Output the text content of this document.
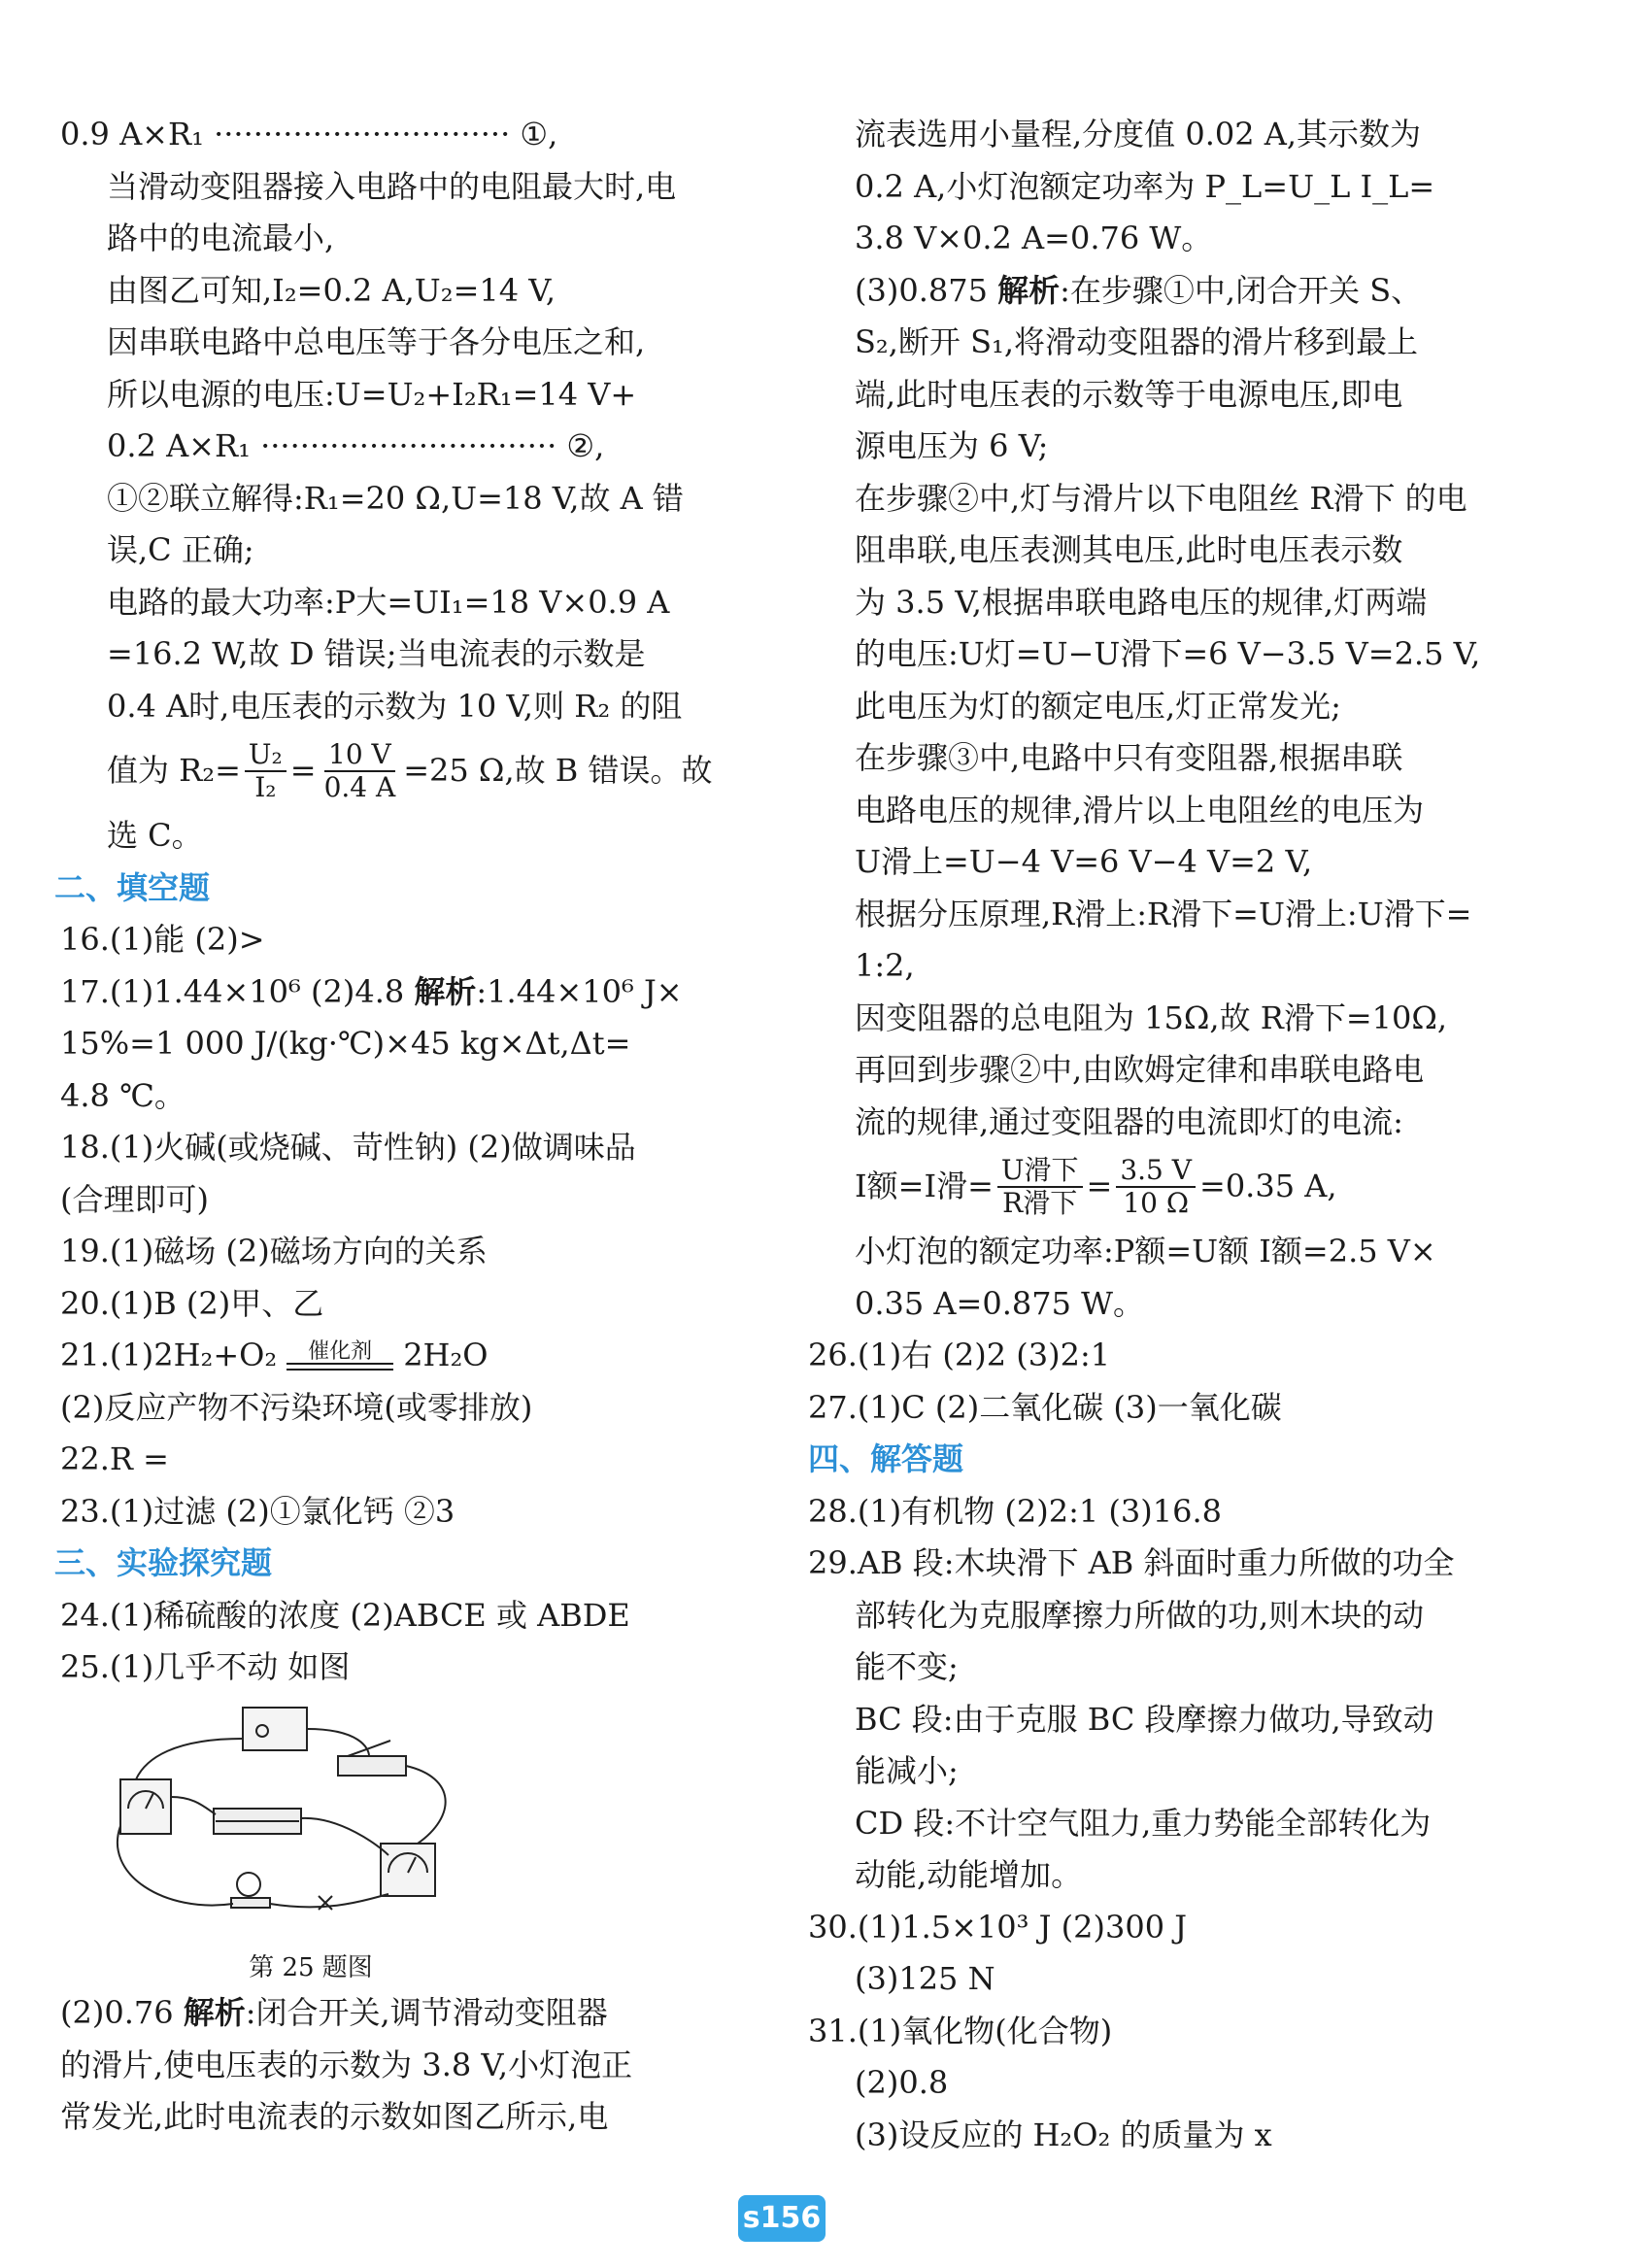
0.9 A×R₁ ······························ ①,
当滑动变阻器接入电路中的电阻最大时,电
路中的电流最小,
由图乙可知,I₂=0.2 A,U₂=14 V,
因串联电路中总电压等于各分电压之和,
所以电源的电压:U=U₂+I₂R₁=14 V+
0.2 A×R₁ ······························ ②,
①②联立解得:R₁=20 Ω,U=18 V,故 A 错
误,C 正确;
电路的最大功率:P大=UI₁=18 V×0.9 A
=16.2 W,故 D 错误;当电流表的示数是
0.4 A时,电压表的示数为 10 V,则 R₂ 的阻
值为 $R_2= \frac{\text{U₂}}{\text{I₂}} = \frac{10 V}{0.4 A} =25$ Ω,故 B 错误。故
选 C。
二、填空题
16.(1)能 (2)>
17.(1)1.44×10⁶ (2)4.8 解析:1.44×10⁶ J×
15%=1 000 J/(kg·℃)×45 kg×Δt,Δt=
4.8 ℃。
18.(1)火碱(或烧碱、苛性钠) (2)做调味品
(合理即可)
19.(1)磁场 (2)磁场方向的关系
20.(1)B (2)甲、乙
21.(1)2H₂+O₂ 催化剂 2H₂O
(2)反应产物不污染环境(或零排放)
22.R =
23.(1)过滤 (2)①氯化钙 ②3
三、实验探究题
24.(1)稀硫酸的浓度 (2)ABCE 或 ABDE
25.(1)几乎不动 如图
第 25 题图
(2)0.76 解析:闭合开关,调节滑动变阻器
的滑片,使电压表的示数为 3.8 V,小灯泡正
常发光,此时电流表的示数如图乙所示,电
流表选用小量程,分度值 0.02 A,其示数为
0.2 A,小灯泡额定功率为 P_L=U_L I_L=
3.8 V×0.2 A=0.76 W。
(3)0.875 解析:在步骤①中,闭合开关 S、
S₂,断开 S₁,将滑动变阻器的滑片移到最上
端,此时电压表的示数等于电源电压,即电
源电压为 6 V;
在步骤②中,灯与滑片以下电阻丝 R滑下 的电
阻串联,电压表测其电压,此时电压表示数
为 3.5 V,根据串联电路电压的规律,灯两端
的电压:U灯=U−U滑下=6 V−3.5 V=2.5 V,
此电压为灯的额定电压,灯正常发光;
在步骤③中,电路中只有变阻器,根据串联
电路电压的规律,滑片以上电阻丝的电压为
U滑上=U−4 V=6 V−4 V=2 V,
根据分压原理,R滑上:R滑下=U滑上:U滑下=
1:2,
因变阻器的总电阻为 15Ω,故 R滑下=10Ω,
再回到步骤②中,由欧姆定律和串联电路电
流的规律,通过变阻器的电流即灯的电流:
I额=I滑= $\frac{\text{U滑下}}{\text{R滑下}} = \frac{3.5 V}{10 \Omega} =0.35$ A,
小灯泡的额定功率:P额=U额 I额=2.5 V×
0.35 A=0.875 W。
26.(1)右 (2)2 (3)2:1
27.(1)C (2)二氧化碳 (3)一氧化碳
四、解答题
28.(1)有机物 (2)2:1 (3)16.8
29.AB 段:木块滑下 AB 斜面时重力所做的功全
部转化为克服摩擦力所做的功,则木块的动
能不变;
BC 段:由于克服 BC 段摩擦力做功,导致动
能减小;
CD 段:不计空气阻力,重力势能全部转化为
动能,动能增加。
30.(1)1.5×10³ J (2)300 J
(3)125 N
31.(1)氧化物(化合物)
(2)0.8
(3)设反应的 H₂O₂ 的质量为 x
s156
